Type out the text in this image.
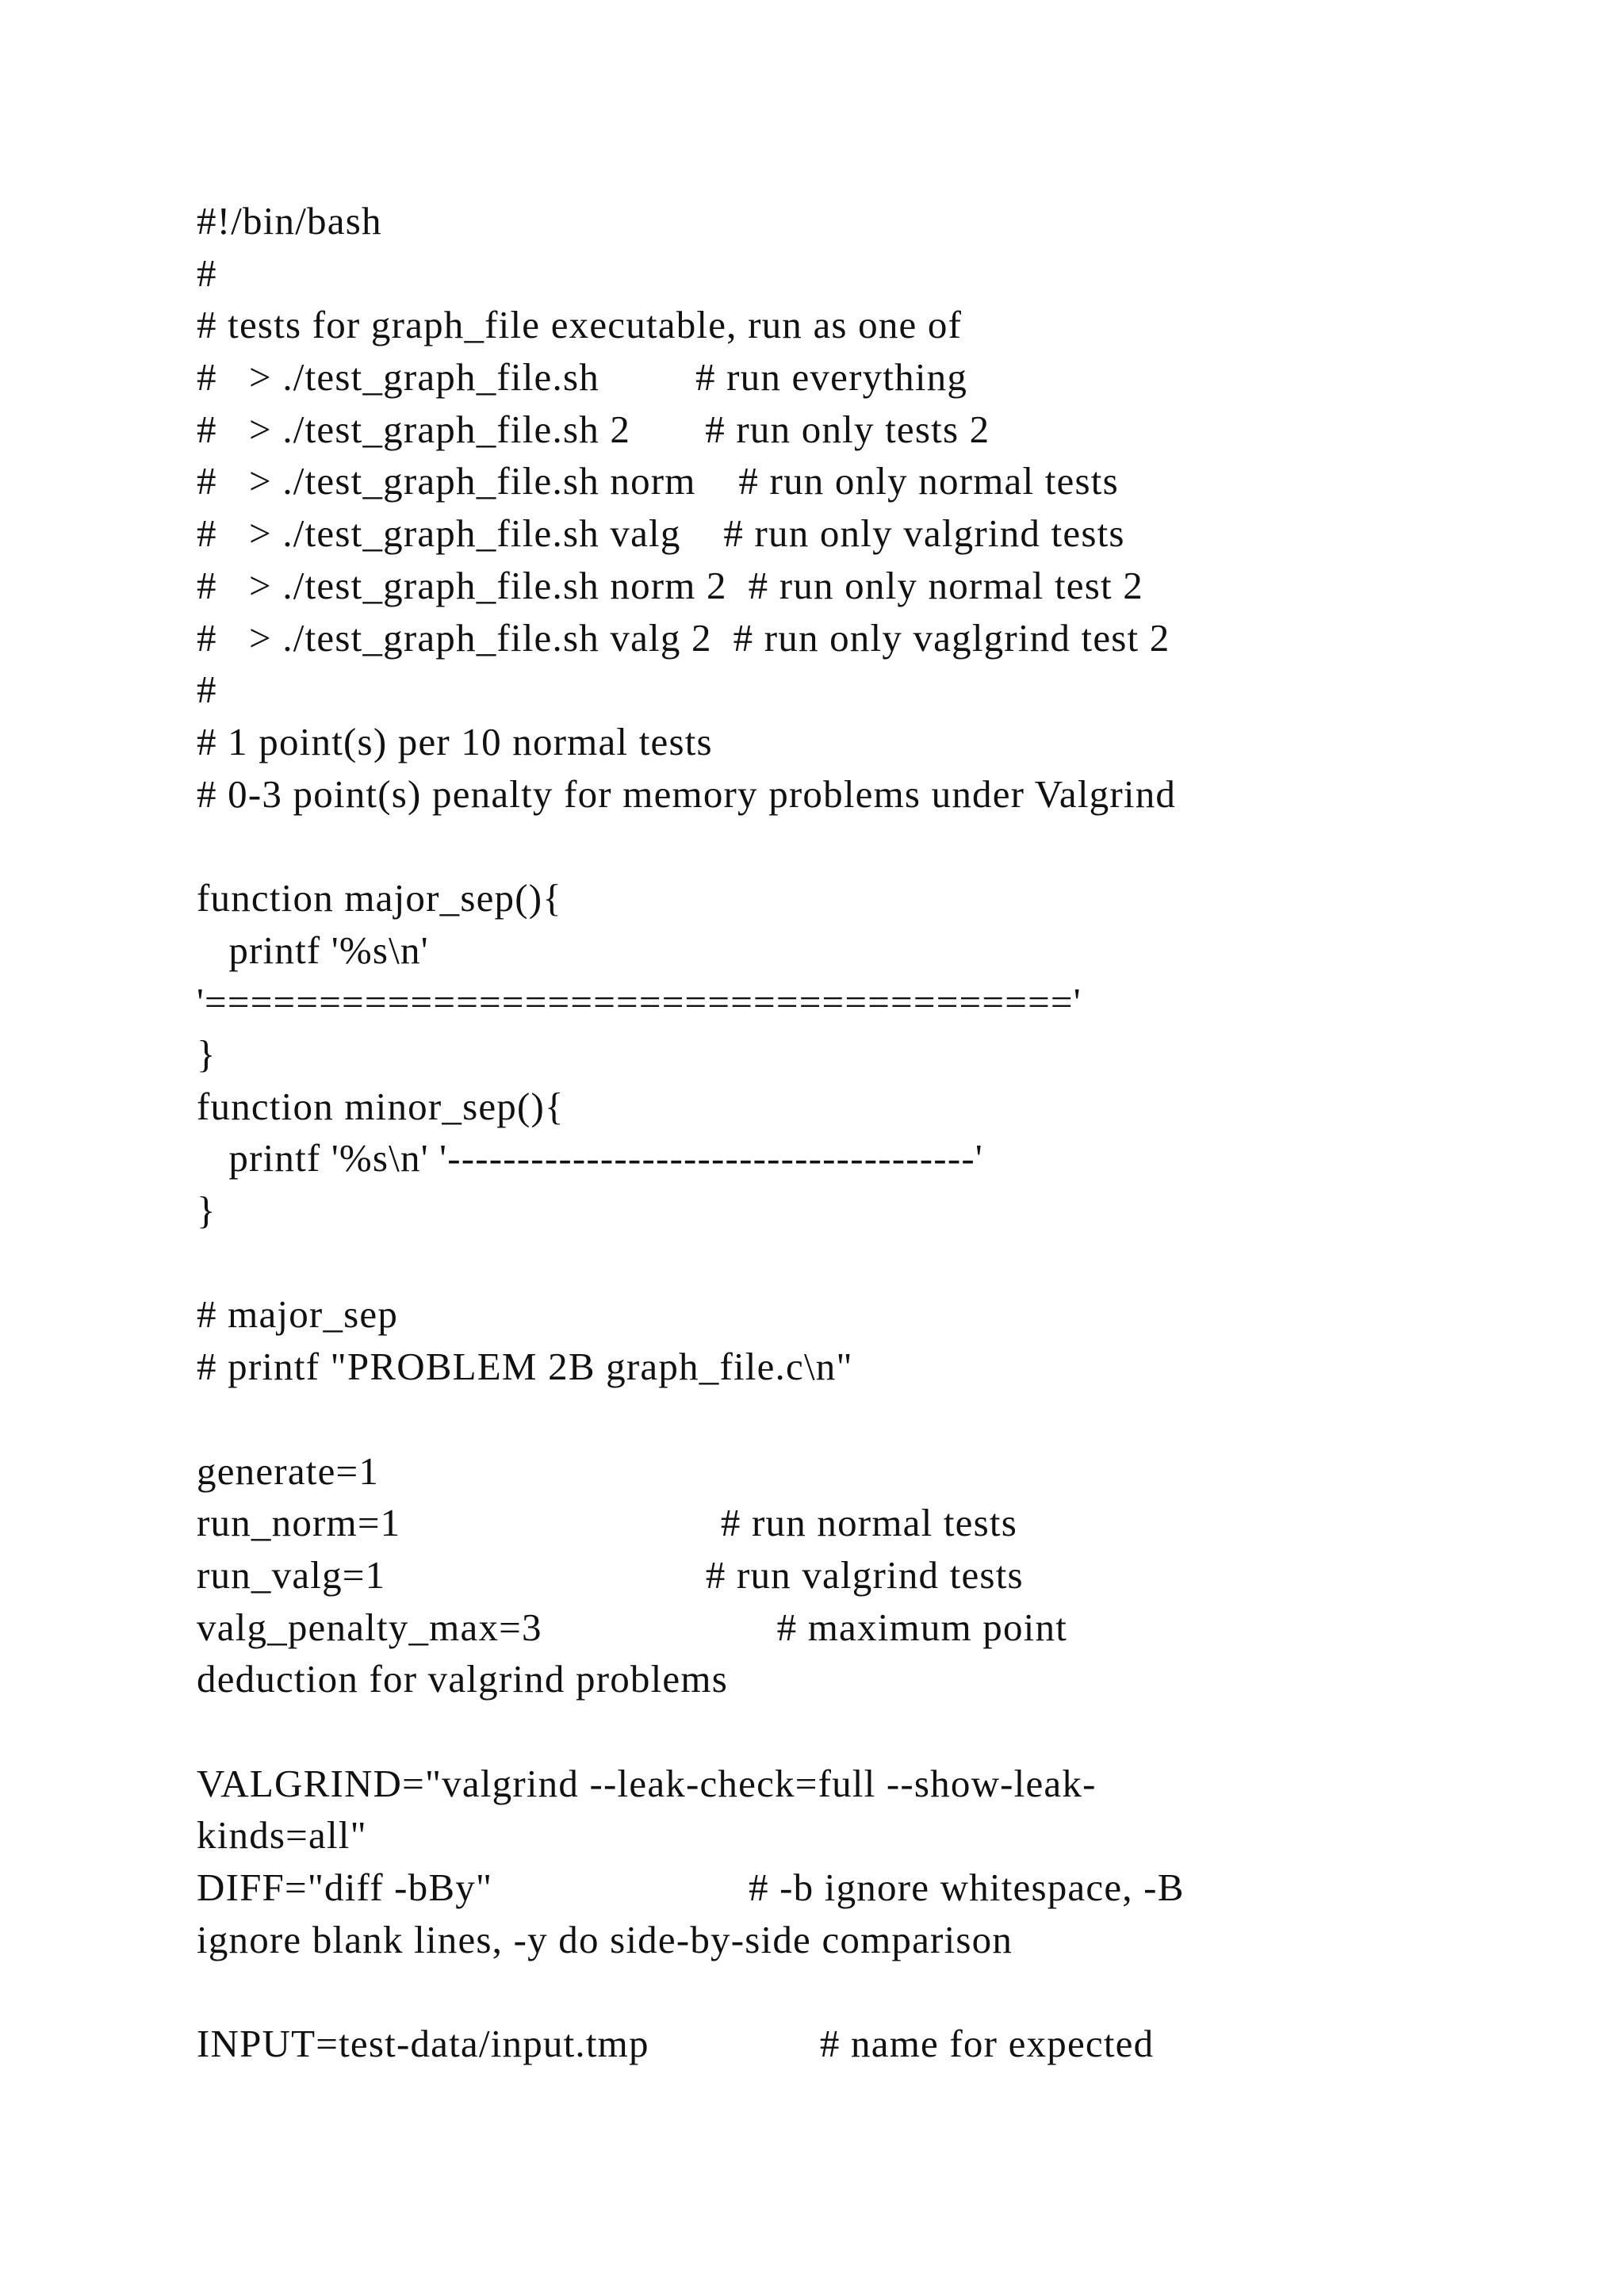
#!/bin/bash
#
# tests for graph_file executable, run as one of
#   > ./test_graph_file.sh         # run everything
#   > ./test_graph_file.sh 2       # run only tests 2
#   > ./test_graph_file.sh norm    # run only normal tests
#   > ./test_graph_file.sh valg    # run only valgrind tests
#   > ./test_graph_file.sh norm 2  # run only normal test 2
#   > ./test_graph_file.sh valg 2  # run only vaglgrind test 2
#
# 1 point(s) per 10 normal tests
# 0-3 point(s) penalty for memory problems under Valgrind
function major_sep(){
printf '%s\n'
'======================================'
}
function minor_sep(){
printf '%s\n' '--------------------------------------'
}
# major_sep
# printf "PROBLEM 2B graph_file.c\n"
generate=1
run_norm=1                              # run normal tests
run_valg=1                              # run valgrind tests
valg_penalty_max=3                      # maximum point
deduction for valgrind problems
VALGRIND="valgrind --leak-check=full --show-leak-
kinds=all"
DIFF="diff -bBy"                        # -b ignore whitespace, -B
ignore blank lines, -y do side-by-side comparison
INPUT=test-data/input.tmp                # name for expected
